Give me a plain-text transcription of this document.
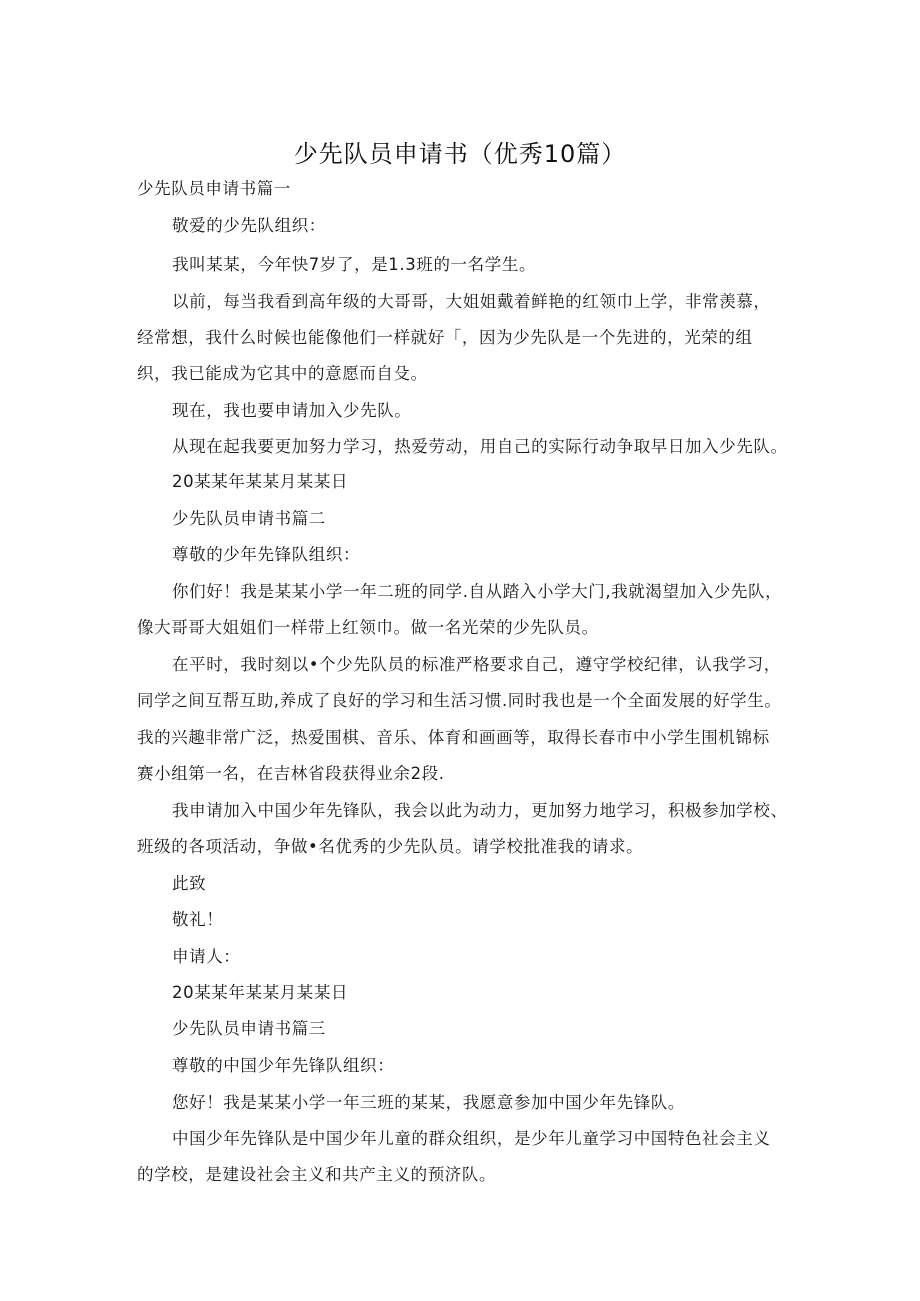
少先队员申请书（优秀10篇）
少先队员申请书篇一
敬爱的少先队组织：
我叫某某，今年快7岁了，是1.3班的一名学生。
以前，每当我看到高年级的大哥哥，大姐姐戴着鲜艳的红领巾上学，非常羡慕，
经常想，我什么时候也能像他们一样就好「，因为少先队是一个先进的，光荣的组
织，我已能成为它其中的意愿而自殳。
现在，我也要申请加入少先队。
从现在起我要更加努力学习，热爱劳动，用自己的实际行动争取早日加入少先队。
20某某年某某月某某日
少先队员申请书篇二
尊敬的少年先锋队组织：
你们好！我是某某小学一年二班的同学.自从踏入小学大门,我就渴望加入少先队，
像大哥哥大姐姐们一样带上红领巾。做一名光荣的少先队员。
在平时，我时刻以•个少先队员的标准严格要求自己，遵守学校纪律，认我学习，
同学之间互帮互助,养成了良好的学习和生活习惯.同时我也是一个全面发展的好学生。
我的兴趣非常广泛，热爱围棋、音乐、体育和画画等，取得长春市中小学生围机锦标
赛小组第一名，在吉林省段获得业余2段.
我申请加入中国少年先锋队，我会以此为动力，更加努力地学习，积极参加学校、
班级的各项活动，争做•名优秀的少先队员。请学校批准我的请求。
此致
敬礼！
申请人：
20某某年某某月某某日
少先队员申请书篇三
尊敬的中国少年先锋队组织：
您好！我是某某小学一年三班的某某，我愿意参加中国少年先锋队。
中国少年先锋队是中国少年儿童的群众组织，是少年儿童学习中国特色社会主义
的学校，是建设社会主义和共产主义的预济队。
